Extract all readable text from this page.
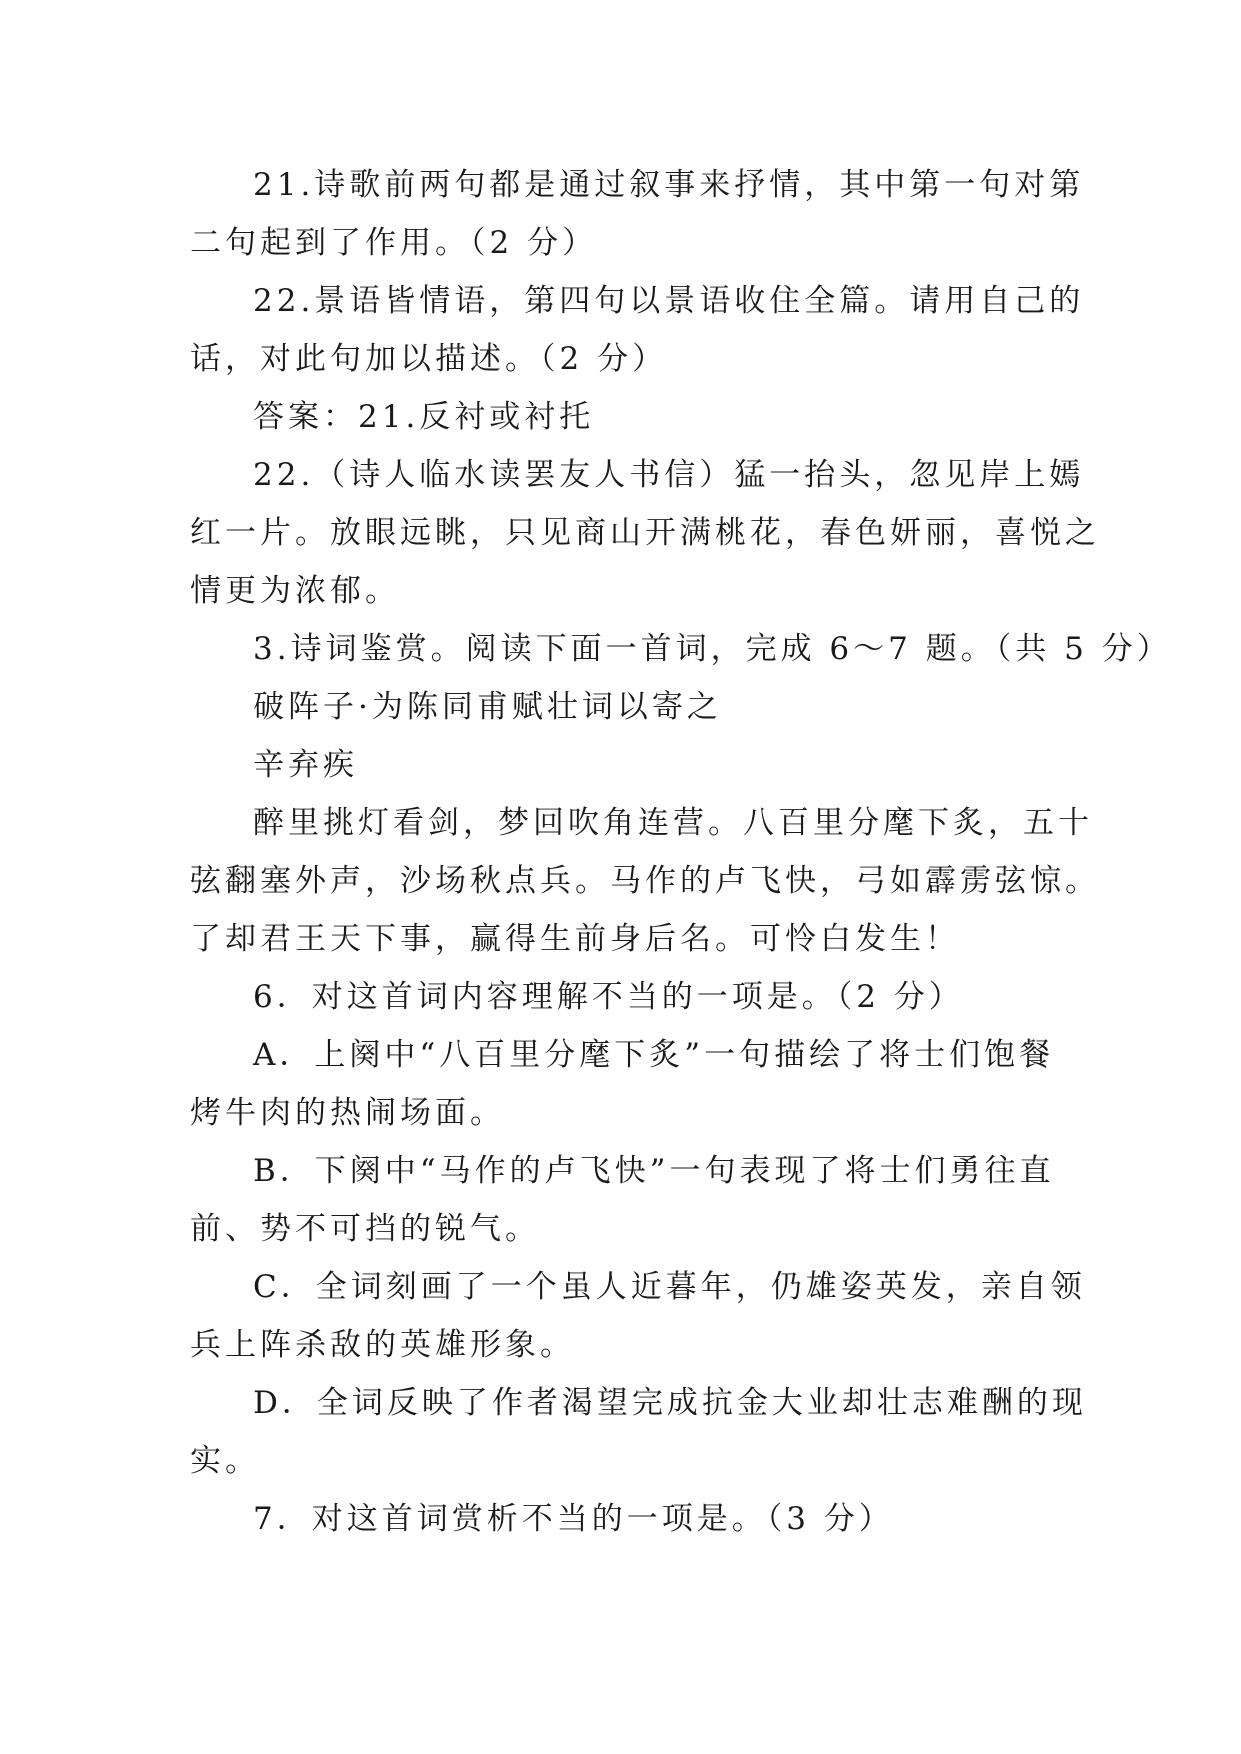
21.诗歌前两句都是通过叙事来抒情，其中第一句对第
二句起到了作用。（2 分）
22.景语皆情语，第四句以景语收住全篇。请用自己的
话，对此句加以描述。（2 分）
答案：21.反衬或衬托
22.（诗人临水读罢友人书信）猛一抬头，忽见岸上嫣
红一片。放眼远眺，只见商山开满桃花，春色妍丽，喜悦之
情更为浓郁。
3.诗词鉴赏。阅读下面一首词，完成 6～7 题。（共 5 分）
破阵子·为陈同甫赋壮词以寄之
辛弃疾
醉里挑灯看剑，梦回吹角连营。八百里分麾下炙，五十
弦翻塞外声，沙场秋点兵。马作的卢飞快，弓如霹雳弦惊。
了却君王天下事，赢得生前身后名。可怜白发生！
6．对这首词内容理解不当的一项是。（2 分）
A．上阕中“八百里分麾下炙”一句描绘了将士们饱餐
烤牛肉的热闹场面。
B．下阕中“马作的卢飞快”一句表现了将士们勇往直
前、势不可挡的锐气。
C．全词刻画了一个虽人近暮年，仍雄姿英发，亲自领
兵上阵杀敌的英雄形象。
D．全词反映了作者渴望完成抗金大业却壮志难酬的现
实。
7．对这首词赏析不当的一项是。（3 分）
